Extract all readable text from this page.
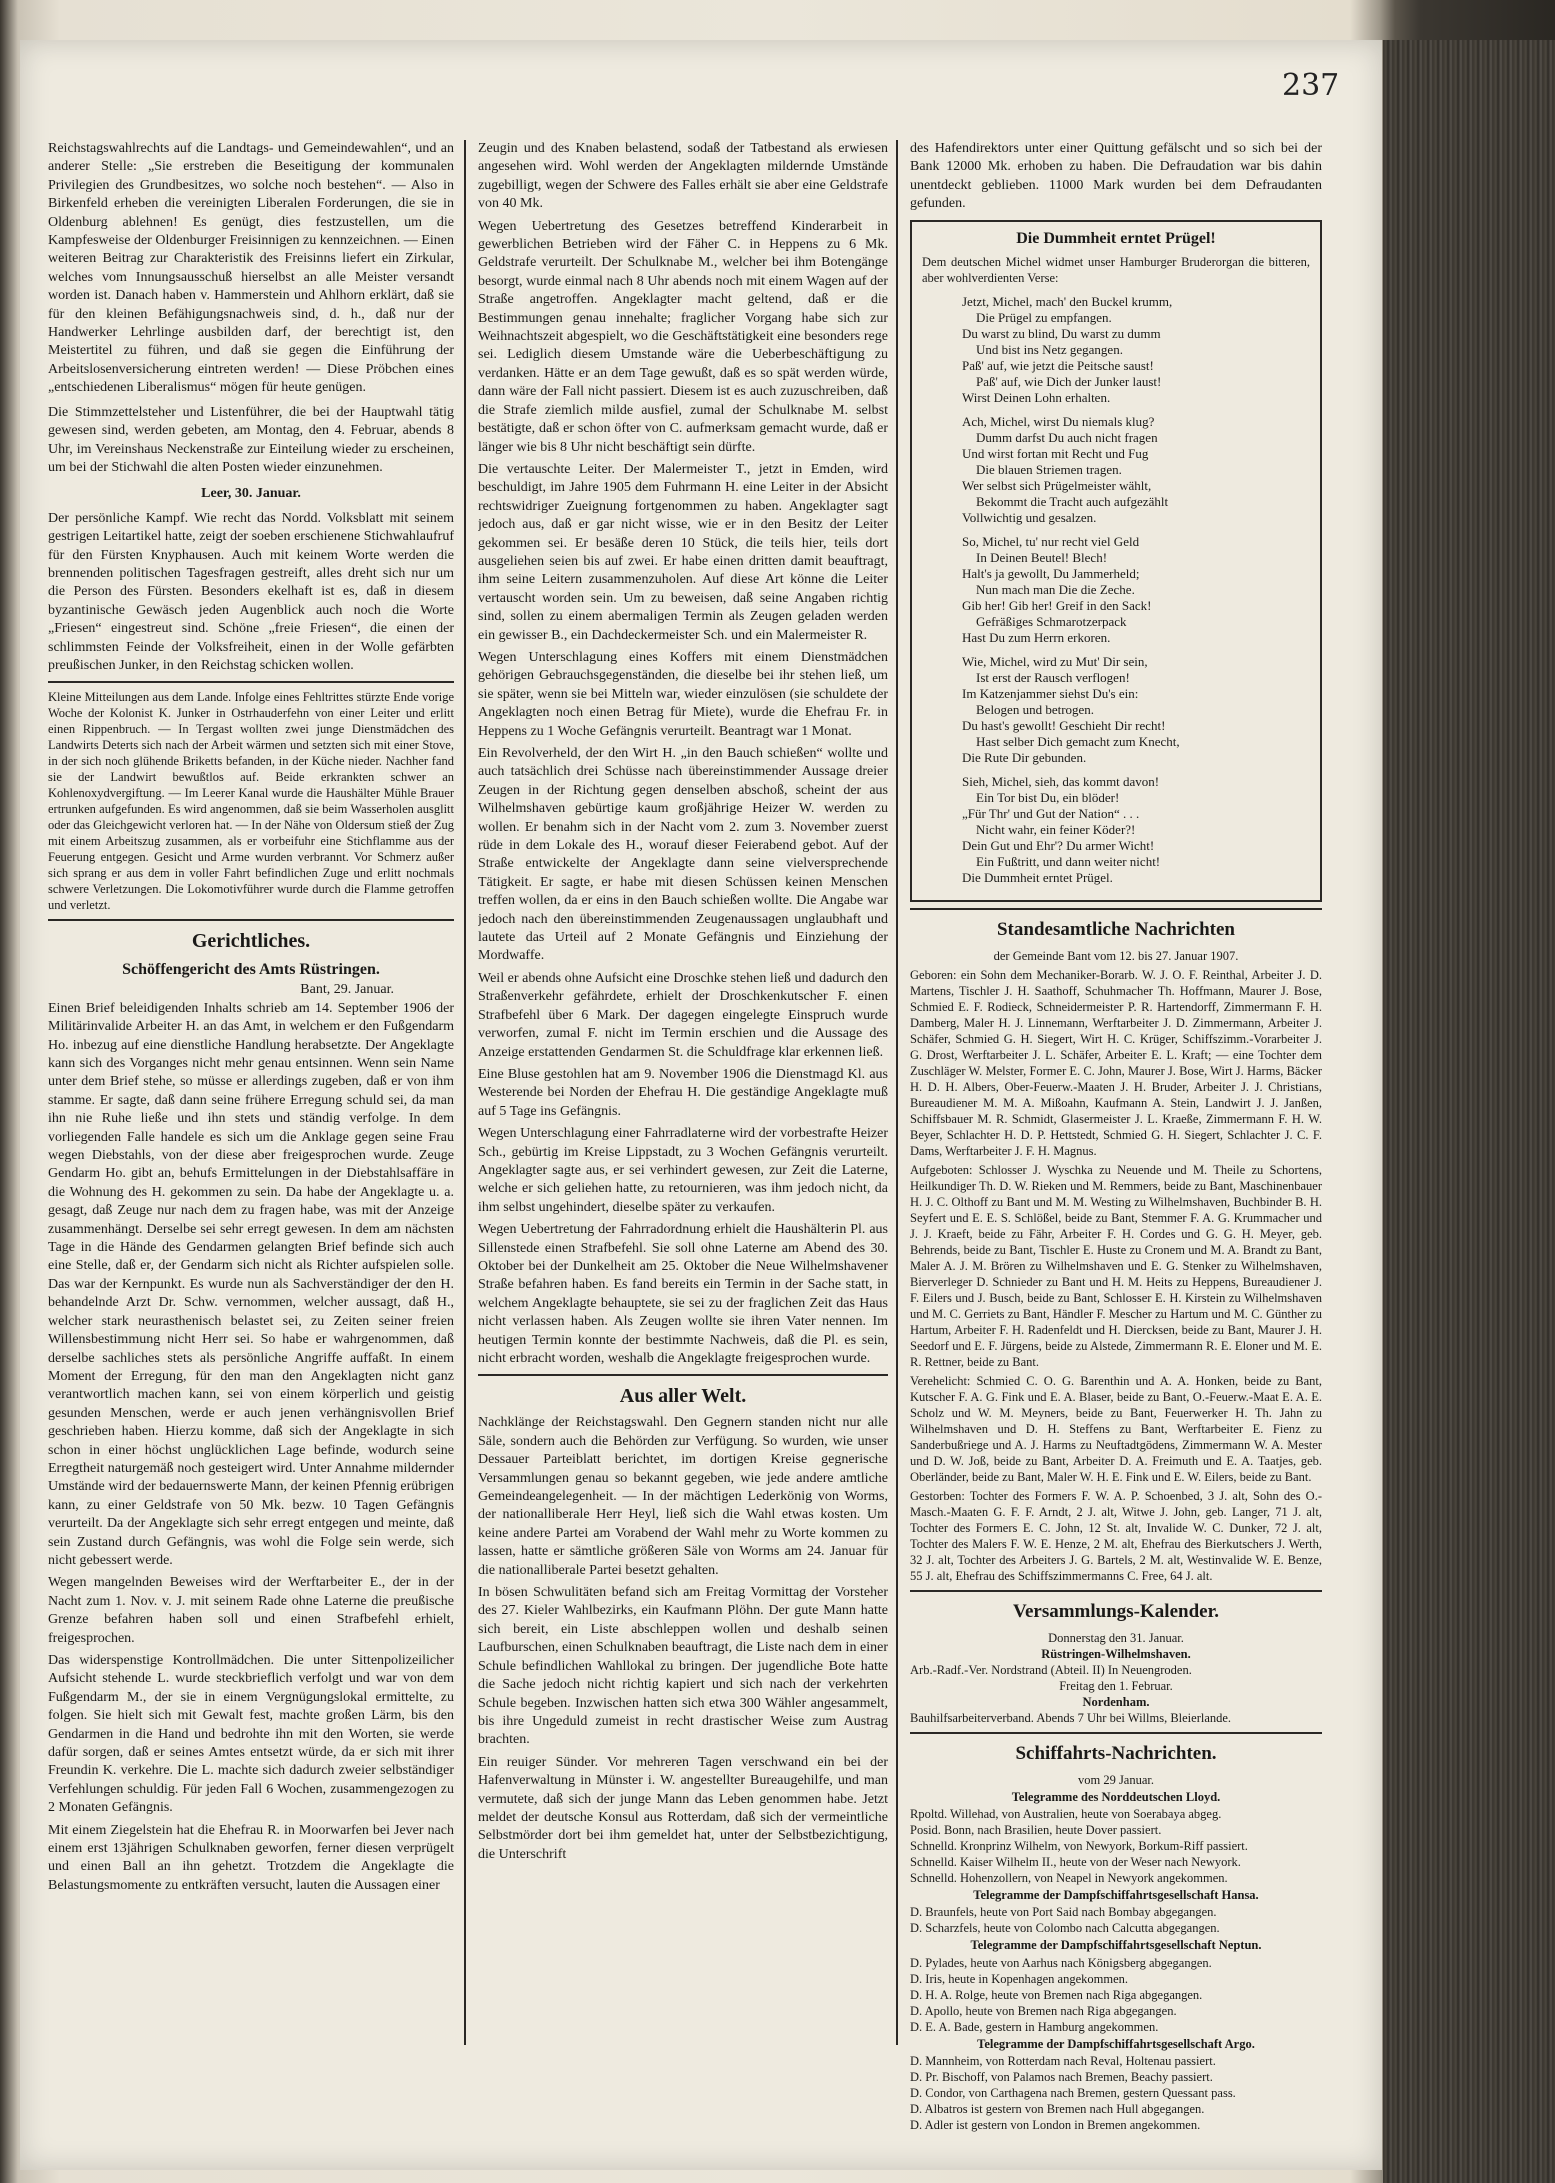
237

Reichstagswahlrechts auf die Landtags- und Gemeindewahlen“, und an anderer Stelle: „Sie erstreben die Beseitigung der kommunalen Privilegien des Grundbesitzes, wo solche noch bestehen“. — Also in Birkenfeld erheben die vereinigten Liberalen Forderungen, die sie in Oldenburg ablehnen! Es genügt, dies festzustellen, um die Kampfesweise der Oldenburger Freisinnigen zu kennzeichnen. — Einen weiteren Beitrag zur Charakteristik des Freisinns liefert ein Zirkular, welches vom Innungsausschuß hierselbst an alle Meister versandt worden ist. Danach haben v. Hammerstein und Ahlhorn erklärt, daß sie für den kleinen Befähigungsnachweis sind, d. h., daß nur der Handwerker Lehrlinge ausbilden darf, der berechtigt ist, den Meistertitel zu führen, und daß sie gegen die Einführung der Arbeitslosenversicherung eintreten werden! — Diese Pröbchen eines „entschiedenen Liberalismus“ mögen für heute genügen.

Die Stimmzettelsteher und Listenführer, die bei der Hauptwahl tätig gewesen sind, werden gebeten, am Montag, den 4. Februar, abends 8 Uhr, im Vereinshaus Neckenstraße zur Einteilung wieder zu erscheinen, um bei der Stichwahl die alten Posten wieder einzunehmen.

Leer, 30. Januar.

Der persönliche Kampf. Wie recht das Nordd. Volksblatt mit seinem gestrigen Leitartikel hatte, zeigt der soeben erschienene Stichwahlaufruf für den Fürsten Knyphausen. Auch mit keinem Worte werden die brennenden politischen Tagesfragen gestreift, alles dreht sich nur um die Person des Fürsten. Besonders ekelhaft ist es, daß in diesem byzantinische Gewäsch jeden Augenblick auch noch die Worte „Friesen“ eingestreut sind. Schöne „freie Friesen“, die einen der schlimmsten Feinde der Volksfreiheit, einen in der Wolle gefärbten preußischen Junker, in den Reichstag schicken wollen.

Kleine Mitteilungen aus dem Lande. Infolge eines Fehltrittes stürzte Ende vorige Woche der Kolonist K. Junker in Ostrhauderfehn von einer Leiter und erlitt einen Rippenbruch. — In Tergast wollten zwei junge Dienstmädchen des Landwirts Deterts sich nach der Arbeit wärmen und setzten sich mit einer Stove, in der sich noch glühende Briketts befanden, in der Küche nieder. Nachher fand sie der Landwirt bewußtlos auf. Beide erkrankten schwer an Kohlenoxydvergiftung. — Im Leerer Kanal wurde die Haushälter Mühle Brauer ertrunken aufgefunden. Es wird angenommen, daß sie beim Wasserholen ausglitt oder das Gleichgewicht verloren hat. — In der Nähe von Oldersum stieß der Zug mit einem Arbeitszug zusammen, als er vorbeifuhr eine Stichflamme aus der Feuerung entgegen. Gesicht und Arme wurden verbrannt. Vor Schmerz außer sich sprang er aus dem in voller Fahrt befindlichen Zuge und erlitt nochmals schwere Verletzungen. Die Lokomotivführer wurde durch die Flamme getroffen und verletzt.

Gerichtliches.
Schöffengericht des Amts Rüstringen.
Bant, 29. Januar.

Einen Brief beleidigenden Inhalts schrieb am 14. September 1906 der Militärinvalide Arbeiter H. an das Amt, in welchem er den Fußgendarm Ho. inbezug auf eine dienstliche Handlung herabsetzte. Der Angeklagte kann sich des Vorganges nicht mehr genau entsinnen. Wenn sein Name unter dem Brief stehe, so müsse er allerdings zugeben, daß er von ihm stamme. Er sagte, daß dann seine frühere Erregung schuld sei, da man ihn nie Ruhe ließe und ihn stets und ständig verfolge. In dem vorliegenden Falle handele es sich um die Anklage gegen seine Frau wegen Diebstahls, von der diese aber freigesprochen wurde. Zeuge Gendarm Ho. gibt an, behufs Ermittelungen in der Diebstahlsaffäre in die Wohnung des H. gekommen zu sein. Da habe der Angeklagte u. a. gesagt, daß Zeuge nur nach dem zu fragen habe, was mit der Anzeige zusammenhängt. Derselbe sei sehr erregt gewesen. In dem am nächsten Tage in die Hände des Gendarmen gelangten Brief befinde sich auch eine Stelle, daß er, der Gendarm sich nicht als Richter aufspielen solle. Das war der Kernpunkt. Es wurde nun als Sachverständiger der den H. behandelnde Arzt Dr. Schw. vernommen, welcher aussagt, daß H., welcher stark neurasthenisch belastet sei, zu Zeiten seiner freien Willensbestimmung nicht Herr sei. So habe er wahrgenommen, daß derselbe sachliches stets als persönliche Angriffe auffaßt. In einem Moment der Erregung, für den man den Angeklagten nicht ganz verantwortlich machen kann, sei von einem körperlich und geistig gesunden Menschen, werde er auch jenen verhängnisvollen Brief geschrieben haben. Hierzu komme, daß sich der Angeklagte in sich schon in einer höchst unglücklichen Lage befinde, wodurch seine Erregtheit naturgemäß noch gesteigert wird. Unter Annahme mildernder Umstände wird der bedauernswerte Mann, der keinen Pfennig erübrigen kann, zu einer Geldstrafe von 50 Mk. bezw. 10 Tagen Gefängnis verurteilt. Da der Angeklagte sich sehr erregt entgegen und meinte, daß sein Zustand durch Gefängnis, was wohl die Folge sein werde, sich nicht gebessert werde.

Wegen mangelnden Beweises wird der Werftarbeiter E., der in der Nacht zum 1. Nov. v. J. mit seinem Rade ohne Laterne die preußische Grenze befahren haben soll und einen Strafbefehl erhielt, freigesprochen.

Das widerspenstige Kontrollmädchen. Die unter Sittenpolizeilicher Aufsicht stehende L. wurde steckbrieflich verfolgt und war von dem Fußgendarm M., der sie in einem Vergnügungslokal ermittelte, zu folgen. Sie hielt sich mit Gewalt fest, machte großen Lärm, bis den Gendarmen in die Hand und bedrohte ihn mit den Worten, sie werde dafür sorgen, daß er seines Amtes entsetzt würde, da er sich mit ihrer Freundin K. verkehre. Die L. machte sich dadurch zweier selbständiger Verfehlungen schuldig. Für jeden Fall 6 Wochen, zusammengezogen zu 2 Monaten Gefängnis.

Mit einem Ziegelstein hat die Ehefrau R. in Moorwarfen bei Jever nach einem erst 13jährigen Schulknaben geworfen, ferner diesen verprügelt und einen Ball an ihn gehetzt. Trotzdem die Angeklagte die Belastungsmomente zu entkräften versucht, lauten die Aussagen einer

Zeugin und des Knaben belastend, sodaß der Tatbestand als erwiesen angesehen wird. Wohl werden der Angeklagten mildernde Umstände zugebilligt, wegen der Schwere des Falles erhält sie aber eine Geldstrafe von 40 Mk.

Wegen Uebertretung des Gesetzes betreffend Kinderarbeit in gewerblichen Betrieben wird der Fäher C. in Heppens zu 6 Mk. Geldstrafe verurteilt. Der Schulknabe M., welcher bei ihm Botengänge besorgt, wurde einmal nach 8 Uhr abends noch mit einem Wagen auf der Straße angetroffen. Angeklagter macht geltend, daß er die Bestimmungen genau innehalte; fraglicher Vorgang habe sich zur Weihnachtszeit abgespielt, wo die Geschäftstätigkeit eine besonders rege sei. Lediglich diesem Umstande wäre die Ueberbeschäftigung zu verdanken. Hätte er an dem Tage gewußt, daß es so spät werden würde, dann wäre der Fall nicht passiert. Diesem ist es auch zuzuschreiben, daß die Strafe ziemlich milde ausfiel, zumal der Schulknabe M. selbst bestätigte, daß er schon öfter von C. aufmerksam gemacht wurde, daß er länger wie bis 8 Uhr nicht beschäftigt sein dürfte.

Die vertauschte Leiter. Der Malermeister T., jetzt in Emden, wird beschuldigt, im Jahre 1905 dem Fuhrmann H. eine Leiter in der Absicht rechtswidriger Zueignung fortgenommen zu haben. Angeklagter sagt jedoch aus, daß er gar nicht wisse, wie er in den Besitz der Leiter gekommen sei. Er besäße deren 10 Stück, die teils hier, teils dort ausgeliehen seien bis auf zwei. Er habe einen dritten damit beauftragt, ihm seine Leitern zusammenzuholen. Auf diese Art könne die Leiter vertauscht worden sein. Um zu beweisen, daß seine Angaben richtig sind, sollen zu einem abermaligen Termin als Zeugen geladen werden ein gewisser B., ein Dachdeckermeister Sch. und ein Malermeister R.

Wegen Unterschlagung eines Koffers mit einem Dienstmädchen gehörigen Gebrauchsgegenständen, die dieselbe bei ihr stehen ließ, um sie später, wenn sie bei Mitteln war, wieder einzulösen (sie schuldete der Angeklagten noch einen Betrag für Miete), wurde die Ehefrau Fr. in Heppens zu 1 Woche Gefängnis verurteilt. Beantragt war 1 Monat.

Ein Revolverheld, der den Wirt H. „in den Bauch schießen“ wollte und auch tatsächlich drei Schüsse nach übereinstimmender Aussage dreier Zeugen in der Richtung gegen denselben abschoß, scheint der aus Wilhelmshaven gebürtige kaum großjährige Heizer W. werden zu wollen. Er benahm sich in der Nacht vom 2. zum 3. November zuerst rüde in dem Lokale des H., worauf dieser Feierabend gebot. Auf der Straße entwickelte der Angeklagte dann seine vielversprechende Tätigkeit. Er sagte, er habe mit diesen Schüssen keinen Menschen treffen wollen, da er eins in den Bauch schießen wollte. Die Angabe war jedoch nach den übereinstimmenden Zeugenaussagen unglaubhaft und lautete das Urteil auf 2 Monate Gefängnis und Einziehung der Mordwaffe.

Weil er abends ohne Aufsicht eine Droschke stehen ließ und dadurch den Straßenverkehr gefährdete, erhielt der Droschkenkutscher F. einen Strafbefehl über 6 Mark. Der dagegen eingelegte Einspruch wurde verworfen, zumal F. nicht im Termin erschien und die Aussage des Anzeige erstattenden Gendarmen St. die Schuldfrage klar erkennen ließ.

Eine Bluse gestohlen hat am 9. November 1906 die Dienstmagd Kl. aus Westerende bei Norden der Ehefrau H. Die geständige Angeklagte muß auf 5 Tage ins Gefängnis.

Wegen Unterschlagung einer Fahrradlaterne wird der vorbestrafte Heizer Sch., gebürtig im Kreise Lippstadt, zu 3 Wochen Gefängnis verurteilt. Angeklagter sagte aus, er sei verhindert gewesen, zur Zeit die Laterne, welche er sich geliehen hatte, zu retournieren, was ihm jedoch nicht, da ihm selbst ungehindert, dieselbe später zu verkaufen.

Wegen Uebertretung der Fahrradordnung erhielt die Haushälterin Pl. aus Sillenstede einen Strafbefehl. Sie soll ohne Laterne am Abend des 30. Oktober bei der Dunkelheit am 25. Oktober die Neue Wilhelmshavener Straße befahren haben. Es fand bereits ein Termin in der Sache statt, in welchem Angeklagte behauptete, sie sei zu der fraglichen Zeit das Haus nicht verlassen haben. Als Zeugen wollte sie ihren Vater nennen. Im heutigen Termin konnte der bestimmte Nachweis, daß die Pl. es sein, nicht erbracht worden, weshalb die Angeklagte freigesprochen wurde.

Aus aller Welt.

Nachklänge der Reichstagswahl. Den Gegnern standen nicht nur alle Säle, sondern auch die Behörden zur Verfügung. So wurden, wie unser Dessauer Parteiblatt berichtet, im dortigen Kreise gegnerische Versammlungen genau so bekannt gegeben, wie jede andere amtliche Gemeindeangelegenheit. — In der mächtigen Lederkönig von Worms, der nationalliberale Herr Heyl, ließ sich die Wahl etwas kosten. Um keine andere Partei am Vorabend der Wahl mehr zu Worte kommen zu lassen, hatte er sämtliche größeren Säle von Worms am 24. Januar für die nationalliberale Partei besetzt gehalten.

In bösen Schwulitäten befand sich am Freitag Vormittag der Vorsteher des 27. Kieler Wahlbezirks, ein Kaufmann Plöhn. Der gute Mann hatte sich bereit, ein Liste abschleppen wollen und deshalb seinen Laufburschen, einen Schulknaben beauftragt, die Liste nach dem in einer Schule befindlichen Wahllokal zu bringen. Der jugendliche Bote hatte die Sache jedoch nicht richtig kapiert und sich nach der verkehrten Schule begeben. Inzwischen hatten sich etwa 300 Wähler angesammelt, bis ihre Ungeduld zumeist in recht drastischer Weise zum Austrag brachten.

Ein reuiger Sünder. Vor mehreren Tagen verschwand ein bei der Hafenverwaltung in Münster i. W. angestellter Bureaugehilfe, und man vermutete, daß sich der junge Mann das Leben genommen habe. Jetzt meldet der deutsche Konsul aus Rotterdam, daß sich der vermeintliche Selbstmörder dort bei ihm gemeldet hat, unter der Selbstbezichtigung, die Unterschrift

des Hafendirektors unter einer Quittung gefälscht und so sich bei der Bank 12000 Mk. erhoben zu haben. Die Defraudation war bis dahin unentdeckt geblieben. 11000 Mark wurden bei dem Defraudanten gefunden.

Die Dummheit erntet Prügel!

Dem deutschen Michel widmet unser Hamburger Bruderorgan die bitteren, aber wohlverdienten Verse:

Jetzt, Michel, mach' den Buckel krumm,
Die Prügel zu empfangen.
Du warst zu blind, Du warst zu dumm
Und bist ins Netz gegangen.
Paß' auf, wie jetzt die Peitsche saust!
Paß' auf, wie Dich der Junker laust!
Wirst Deinen Lohn erhalten.
Ach, Michel, wirst Du niemals klug?
Dumm darfst Du auch nicht fragen
Und wirst fortan mit Recht und Fug
Die blauen Striemen tragen.
Wer selbst sich Prügelmeister wählt,
Bekommt die Tracht auch aufgezählt
Vollwichtig und gesalzen.
So, Michel, tu' nur recht viel Geld
In Deinen Beutel! Blech!
Halt's ja gewollt, Du Jammerheld;
Nun mach man Die die Zeche.
Gib her! Gib her! Greif in den Sack!
Gefräßiges Schmarotzerpack
Hast Du zum Herrn erkoren.
Wie, Michel, wird zu Mut' Dir sein,
Ist erst der Rausch verflogen!
Im Katzenjammer siehst Du's ein:
Belogen und betrogen.
Du hast's gewollt! Geschieht Dir recht!
Hast selber Dich gemacht zum Knecht,
Die Rute Dir gebunden.
Sieh, Michel, sieh, das kommt davon!
Ein Tor bist Du, ein blöder!
„Für Thr' und Gut der Nation“ . . .
Nicht wahr, ein feiner Köder?!
Dein Gut und Ehr'? Du armer Wicht!
Ein Fußtritt, und dann weiter nicht!
Die Dummheit erntet Prügel.
Standesamtliche Nachrichten

der Gemeinde Bant vom 12. bis 27. Januar 1907.

Geboren: ein Sohn dem Mechaniker-Borarb. W. J. O. F. Reinthal, Arbeiter J. D. Martens, Tischler J. H. Saathoff, Schuhmacher Th. Hoffmann, Maurer J. Bose, Schmied E. F. Rodieck, Schneidermeister P. R. Hartendorff, Zimmermann F. H. Damberg, Maler H. J. Linnemann, Werftarbeiter J. D. Zimmermann, Arbeiter J. Schäfer, Schmied G. H. Siegert, Wirt H. C. Krüger, Schiffszimm.-Vorarbeiter J. G. Drost, Werftarbeiter J. L. Schäfer, Arbeiter E. L. Kraft; — eine Tochter dem Zuschläger W. Melster, Former E. C. John, Maurer J. Bose, Wirt J. Harms, Bäcker H. D. H. Albers, Ober-Feuerw.-Maaten J. H. Bruder, Arbeiter J. J. Christians, Bureaudiener M. M. A. Mißoahn, Kaufmann A. Stein, Landwirt J. J. Janßen, Schiffsbauer M. R. Schmidt, Glasermeister J. L. Kraeße, Zimmermann F. H. W. Beyer, Schlachter H. D. P. Hettstedt, Schmied G. H. Siegert, Schlachter J. C. F. Dams, Werftarbeiter J. F. H. Magnus.

Aufgeboten: Schlosser J. Wyschka zu Neuende und M. Theile zu Schortens, Heilkundiger Th. D. W. Rieken und M. Remmers, beide zu Bant, Maschinenbauer H. J. C. Olthoff zu Bant und M. M. Westing zu Wilhelmshaven, Buchbinder B. H. Seyfert und E. E. S. Schlößel, beide zu Bant, Stemmer F. A. G. Krummacher und J. J. Kraeft, beide zu Fähr, Arbeiter F. H. Cordes und G. G. H. Meyer, geb. Behrends, beide zu Bant, Tischler E. Huste zu Cronem und M. A. Brandt zu Bant, Maler A. J. M. Brören zu Wilhelmshaven und E. G. Stenker zu Wilhelmshaven, Bierverleger D. Schnieder zu Bant und H. M. Heits zu Heppens, Bureaudiener J. F. Eilers und J. Busch, beide zu Bant, Schlosser E. H. Kirstein zu Wilhelmshaven und M. C. Gerriets zu Bant, Händler F. Mescher zu Hartum und M. C. Günther zu Hartum, Arbeiter F. H. Radenfeldt und H. Diercksen, beide zu Bant, Maurer J. H. Seedorf und E. F. Jürgens, beide zu Alstede, Zimmermann R. E. Eloner und M. E. R. Rettner, beide zu Bant.

Verehelicht: Schmied C. O. G. Barenthin und A. A. Honken, beide zu Bant, Kutscher F. A. G. Fink und E. A. Blaser, beide zu Bant, O.-Feuerw.-Maat E. A. E. Scholz und W. M. Meyners, beide zu Bant, Feuerwerker H. Th. Jahn zu Wilhelmshaven und D. H. Steffens zu Bant, Werftarbeiter E. Fienz zu Sanderbußriege und A. J. Harms zu Neuftadtgödens, Zimmermann W. A. Mester und D. W. Joß, beide zu Bant, Arbeiter D. A. Freimuth und E. A. Taatjes, geb. Oberländer, beide zu Bant, Maler W. H. E. Fink und E. W. Eilers, beide zu Bant.

Gestorben: Tochter des Formers F. W. A. P. Schoenbed, 3 J. alt, Sohn des O.-Masch.-Maaten G. F. F. Arndt, 2 J. alt, Witwe J. John, geb. Langer, 71 J. alt, Tochter des Formers E. C. John, 12 St. alt, Invalide W. C. Dunker, 72 J. alt, Tochter des Malers F. W. E. Henze, 2 M. alt, Ehefrau des Bierkutschers J. Werth, 32 J. alt, Tochter des Arbeiters J. G. Bartels, 2 M. alt, Westinvalide W. E. Benze, 55 J. alt, Ehefrau des Schiffszimmermanns C. Free, 64 J. alt.

Versammlungs-Kalender.

Donnerstag den 31. Januar.

Rüstringen-Wilhelmshaven.

Arb.-Radf.-Ver. Nordstrand (Abteil. II) In Neuengroden.

Freitag den 1. Februar.

Nordenham.

Bauhilfsarbeiterverband. Abends 7 Uhr bei Willms, Bleierlande.

Schiffahrts-Nachrichten.

vom 29 Januar.

Telegramme des Norddeutschen Lloyd.
Rpoltd. Willehad, von Australien, heute von Soerabaya abgeg.
Posid. Bonn, nach Brasilien, heute Dover passiert.
Schnelld. Kronprinz Wilhelm, von Newyork, Borkum-Riff passiert.
Schnelld. Kaiser Wilhelm II., heute von der Weser nach Newyork.
Schnelld. Hohenzollern, von Neapel in Newyork angekommen.
Telegramme der Dampfschiffahrtsgesellschaft Hansa.
D. Braunfels, heute von Port Said nach Bombay abgegangen.
D. Scharzfels, heute von Colombo nach Calcutta abgegangen.
Telegramme der Dampfschiffahrtsgesellschaft Neptun.
D. Pylades, heute von Aarhus nach Königsberg abgegangen.
D. Iris, heute in Kopenhagen angekommen.
D. H. A. Rolge, heute von Bremen nach Riga abgegangen.
D. Apollo, heute von Bremen nach Riga abgegangen.
D. E. A. Bade, gestern in Hamburg angekommen.
Telegramme der Dampfschiffahrtsgesellschaft Argo.
D. Mannheim, von Rotterdam nach Reval, Holtenau passiert.
D. Pr. Bischoff, von Palamos nach Bremen, Beachy passiert.
D. Condor, von Carthagena nach Bremen, gestern Quessant pass.
D. Albatros ist gestern von Bremen nach Hull abgegangen.
D. Adler ist gestern von London in Bremen angekommen.
